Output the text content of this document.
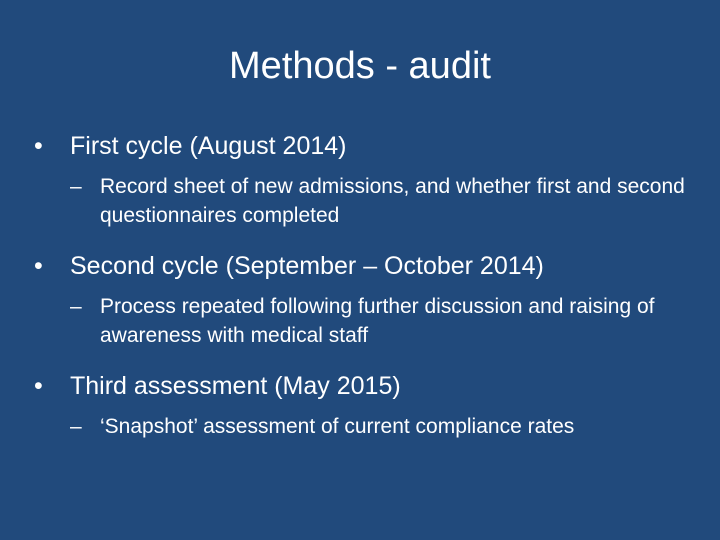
Methods - audit
•	First cycle (August 2014)
– Record sheet of new admissions, and whether first and second questionnaires completed
•	Second cycle (September – October 2014)
– Process repeated following further discussion and raising of awareness with medical staff
•	Third assessment (May 2015)
– ‘Snapshot’ assessment of current compliance rates
